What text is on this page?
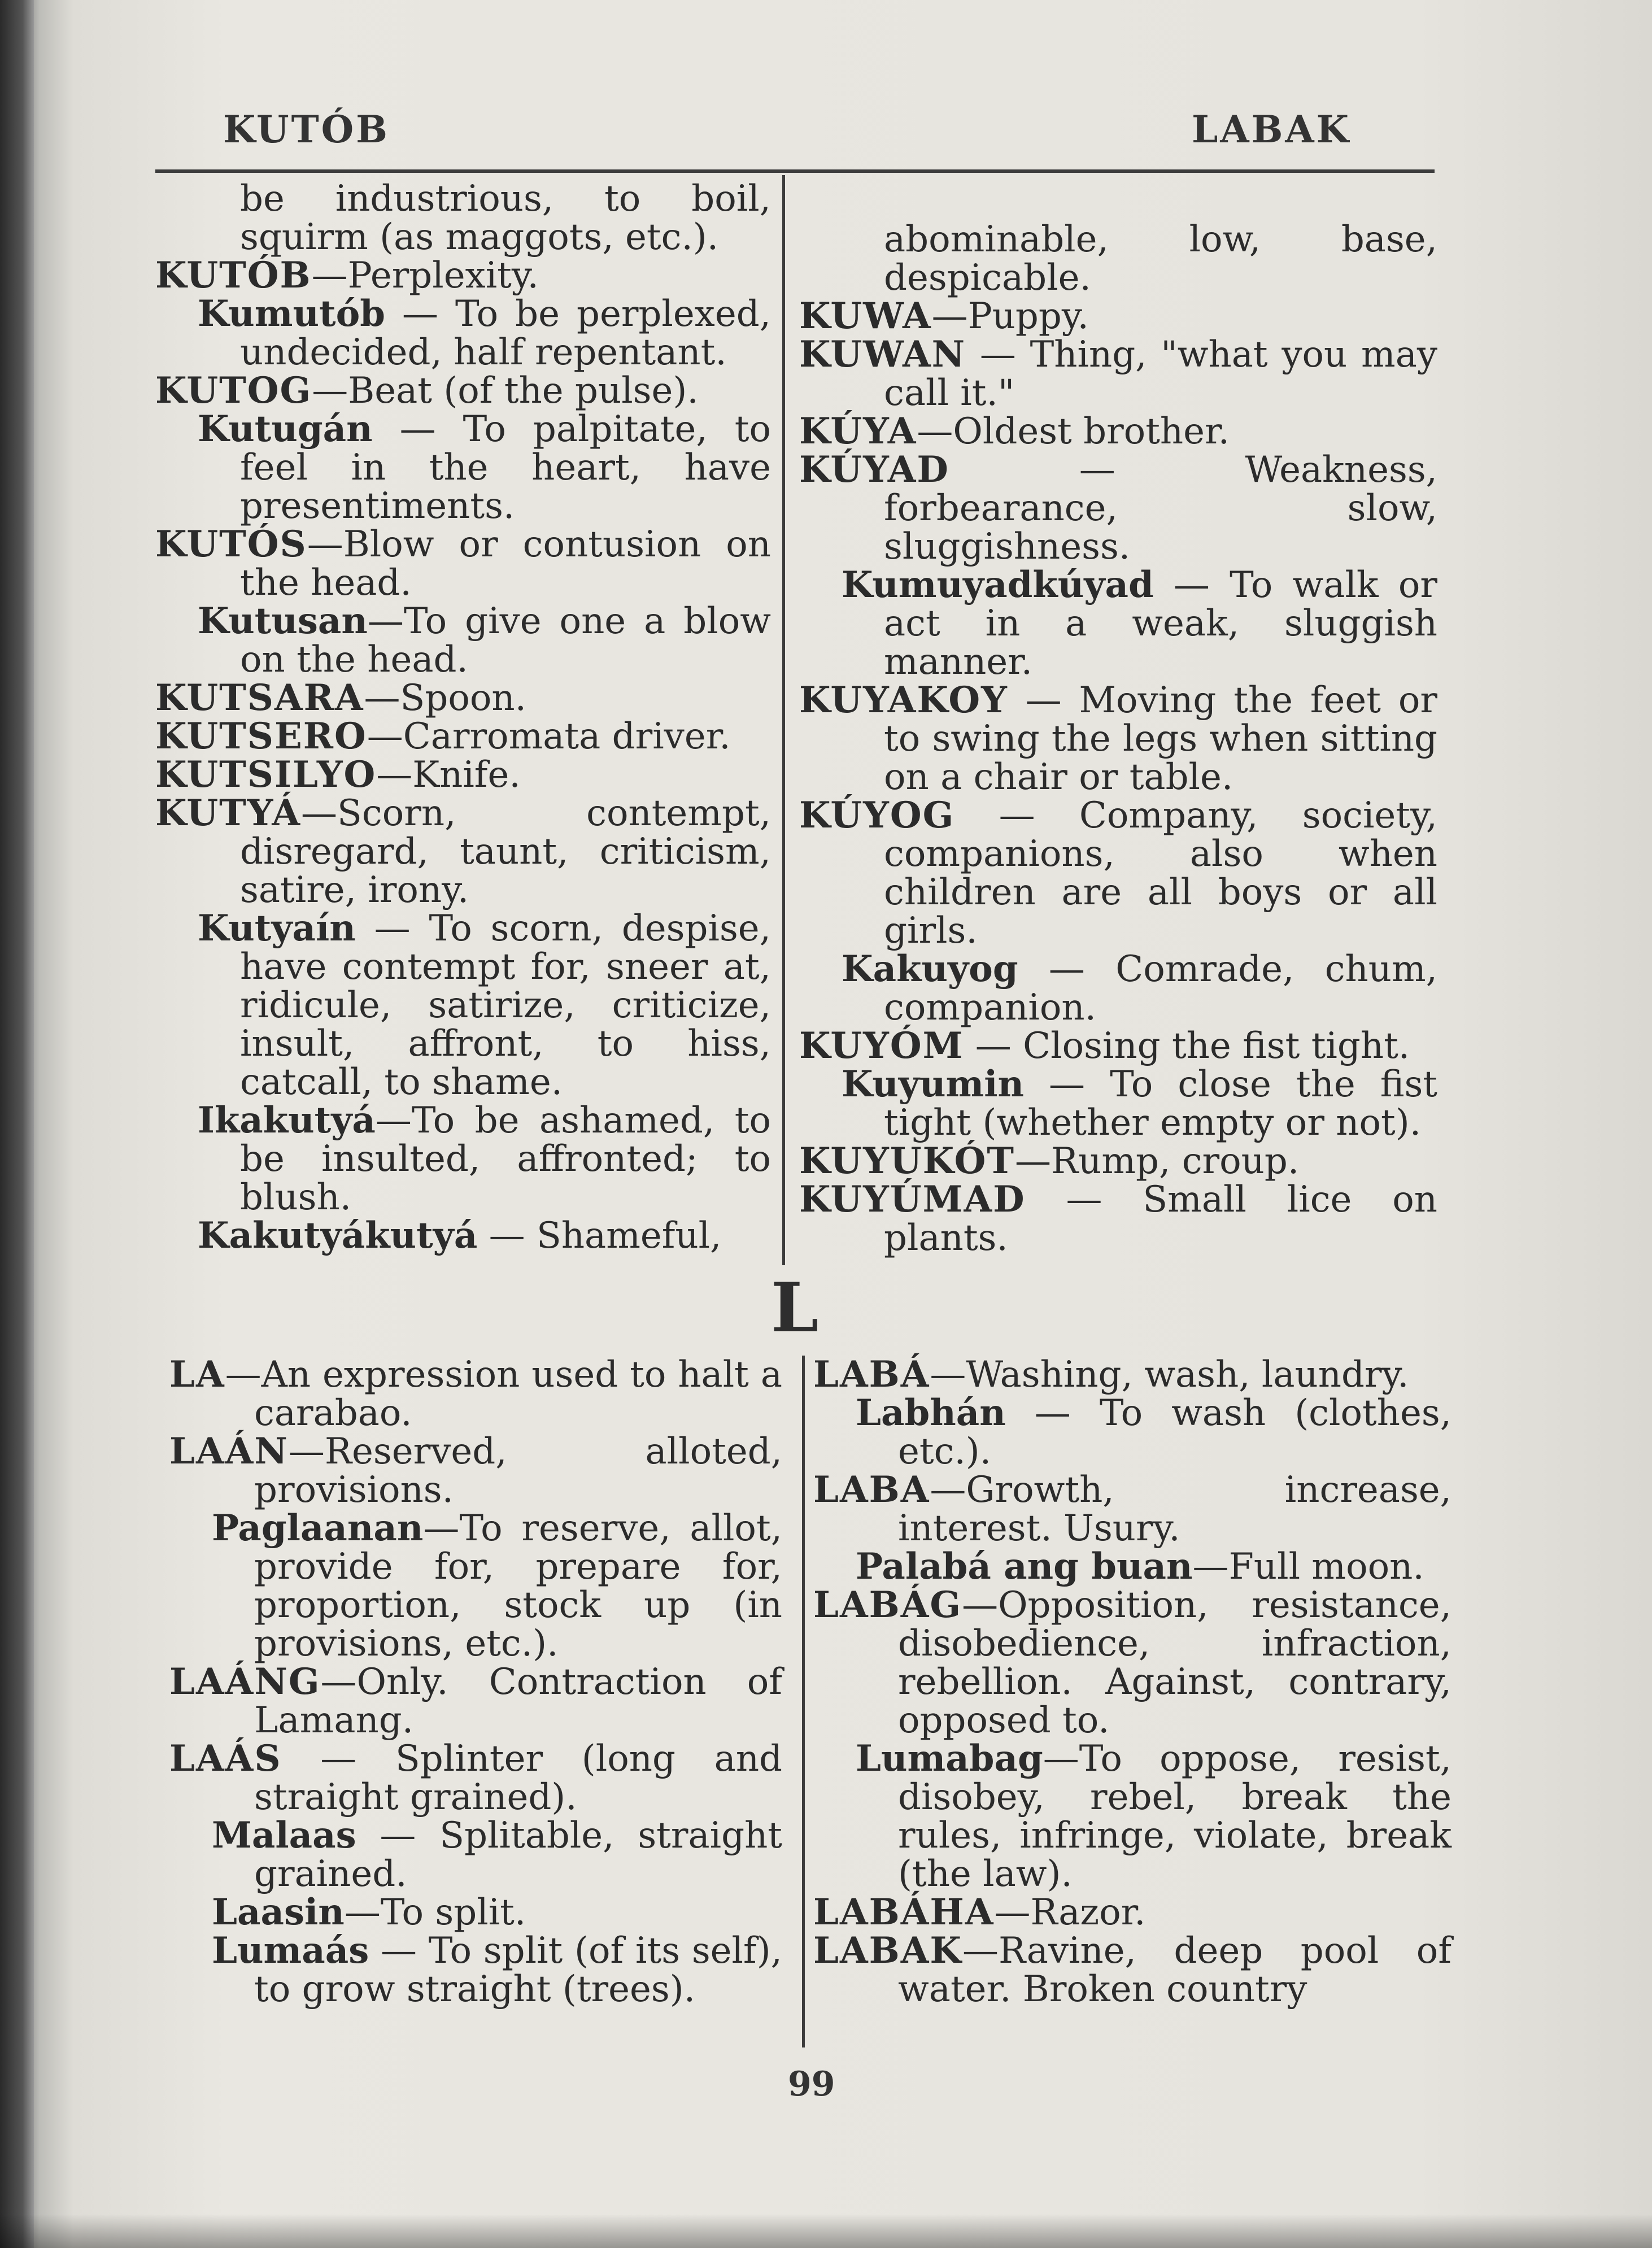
KUTÓB	LABAK

be industrious, to boil, squirm (as maggots, etc.).

KUTÓB—Perplexity.

Kumutób — To be perplexed, undecided, half repentant.

KUTOG—Beat (of the pulse).

Kutugán — To palpitate, to feel in the heart, have presentiments.

KUTÓS—Blow or contusion on the head.

Kutusan—To give one a blow on the head.

KUTSARA—Spoon.

KUTSERO—Carromata driver.

KUTSILYO—Knife.

KUTYÁ—Scorn, contempt, disregard, taunt, criticism, satire, irony.

Kutyaín — To scorn, despise, have contempt for, sneer at, ridicule, satirize, criticize, insult, affront, to hiss, catcall, to shame.

Ikakutyá—To be ashamed, to be insulted, affronted; to blush.

Kakutyákutyá — Shameful,

abominable, low, base, despicable.

KUWA—Puppy.

KUWAN — Thing, "what you may call it."

KÚYA—Oldest brother.

KÚYAD — Weakness, forbearance, slow, sluggishness.

Kumuyadkúyad — To walk or act in a weak, sluggish manner.

KUYAKOY — Moving the feet or to swing the legs when sitting on a chair or table.

KÚYOG — Company, society, companions, also when children are all boys or all girls.

Kakuyog — Comrade, chum, companion.

KUYÓM — Closing the fist tight.

Kuyumin — To close the fist tight (whether empty or not).

KUYUKÓT—Rump, croup.

KUYÚMAD — Small lice on plants.

L

LA—An expression used to halt a carabao.

LAÁN—Reserved, alloted, provisions.

Paglaanan—To reserve, allot, provide for, prepare for, proportion, stock up (in provisions, etc.).

LAÁNG—Only. Contraction of Lamang.

LAÁS — Splinter (long and straight grained).

Malaas — Splitable, straight grained.

Laasin—To split.

Lumaás — To split (of its self), to grow straight (trees).

LABÁ—Washing, wash, laundry.

Labhán — To wash (clothes, etc.).

LABA—Growth, increase, interest. Usury.

Palabá ang buan—Full moon.

LABÁG—Opposition, resistance, disobedience, infraction, rebellion. Against, contrary, opposed to.

Lumabag—To oppose, resist, disobey, rebel, break the rules, infringe, violate, break (the law).

LABÁHA—Razor.

LABAK—Ravine, deep pool of water. Broken country

99
